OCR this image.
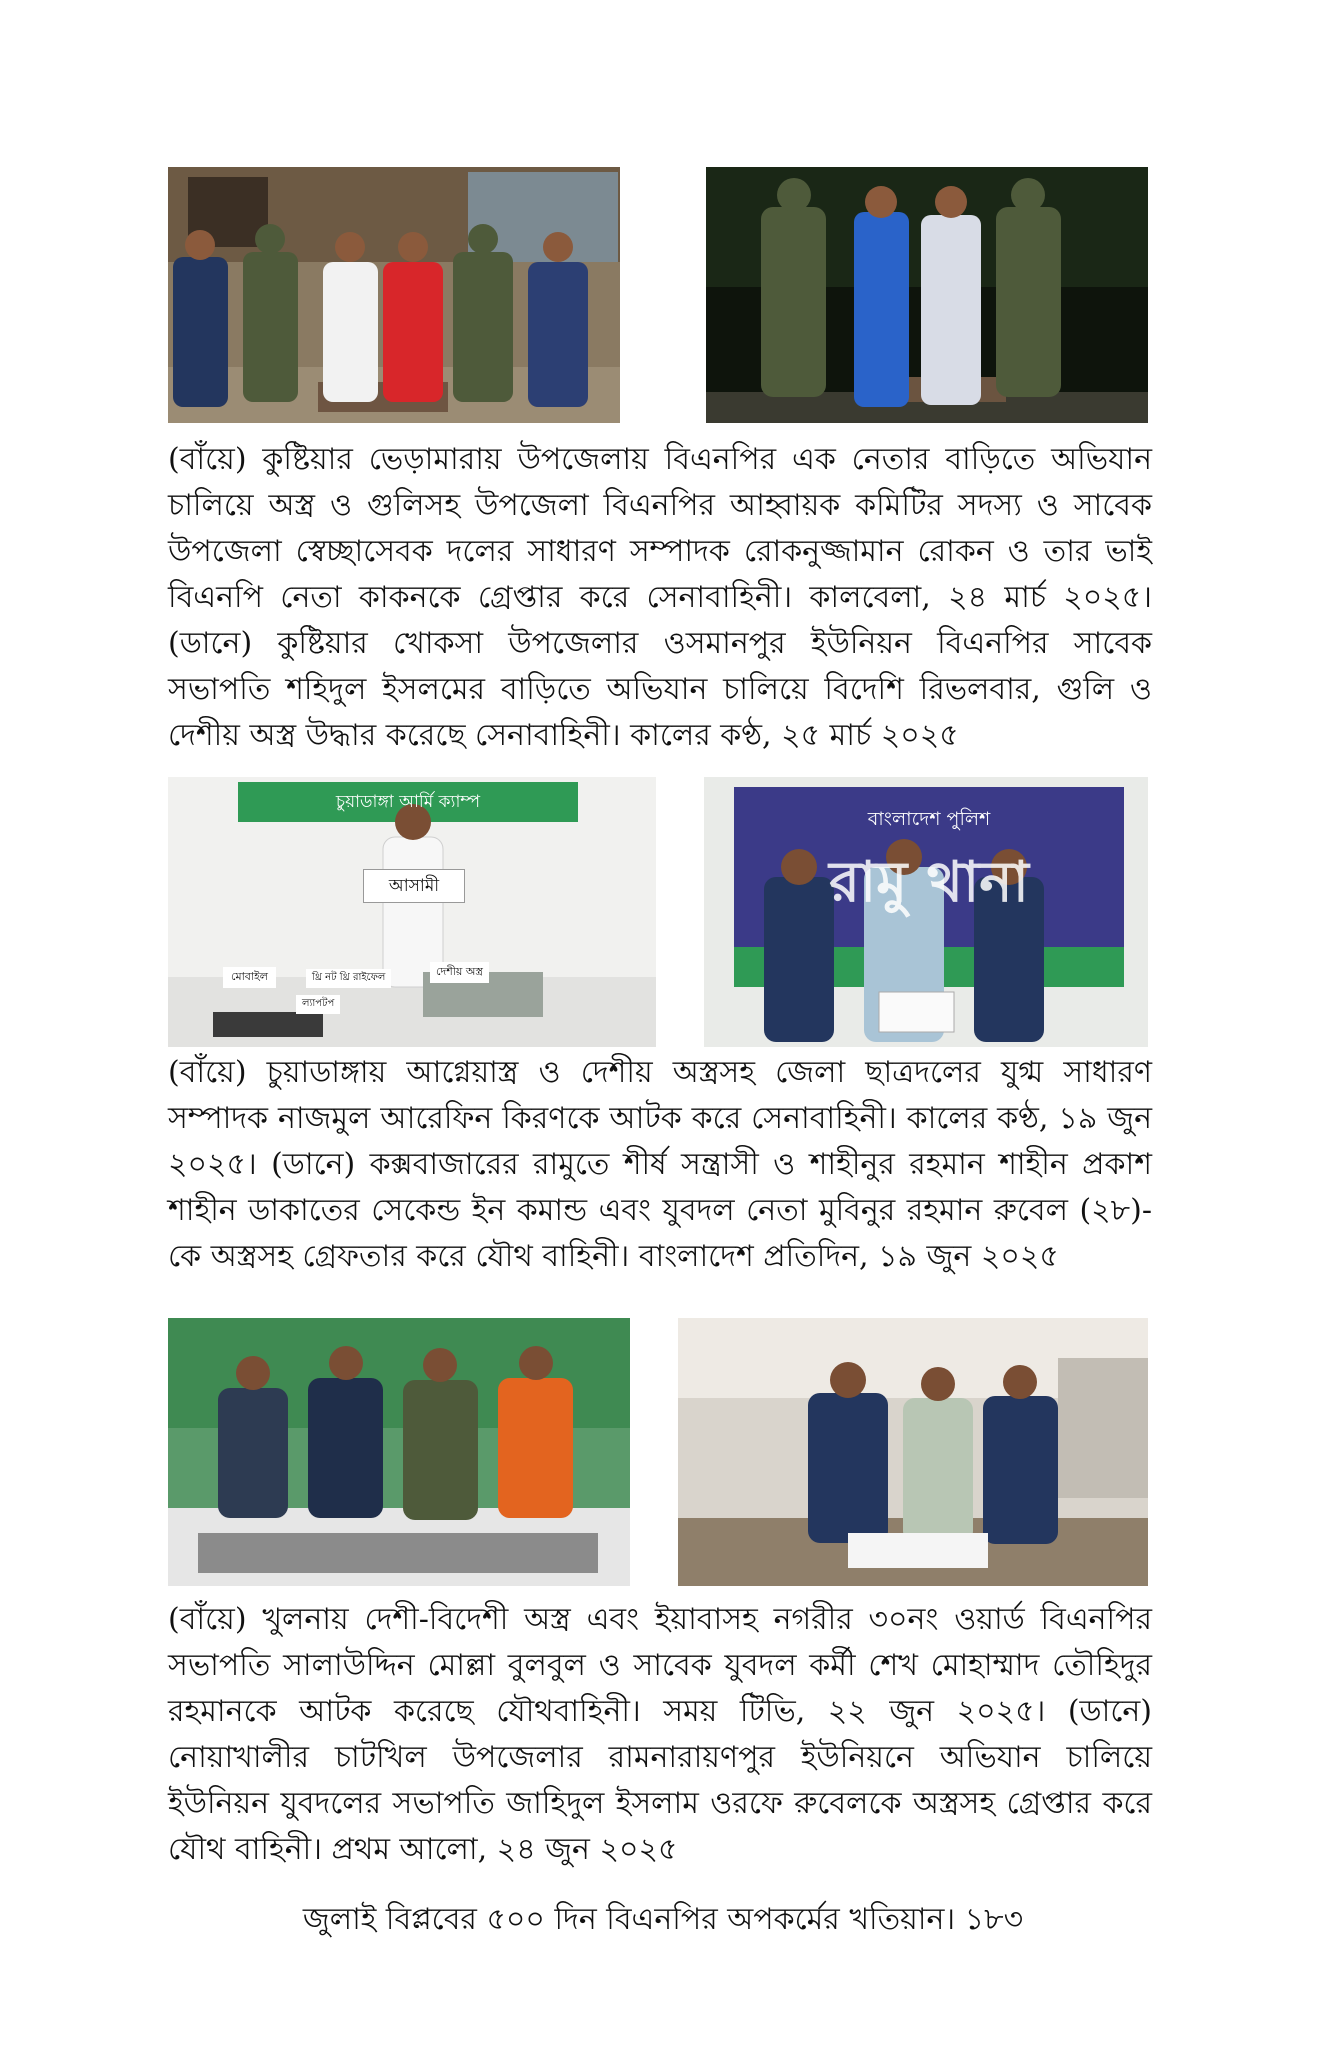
(বাঁয়ে) কুষ্টিয়ার ভেড়ামারায় উপজেলায় বিএনপির এক নেতার বাড়িতে অভিযান চালিয়ে অস্ত্র ও গুলিসহ উপজেলা বিএনপির আহ্বায়ক কমিটির সদস্য ও সাবেক উপজেলা স্বেচ্ছাসেবক দলের সাধারণ সম্পাদক রোকনুজ্জামান রোকন ও তার ভাই বিএনপি নেতা কাকনকে গ্রেপ্তার করে সেনাবাহিনী। কালবেলা, ২৪ মার্চ ২০২৫। (ডানে) কুষ্টিয়ার খোকসা উপজেলার ওসমানপুর ইউনিয়ন বিএনপির সাবেক সভাপতি শহিদুল ইসলমের বাড়িতে অভিযান চালিয়ে বিদেশি রিভলবার, গুলি ও দেশীয় অস্ত্র উদ্ধার করেছে সেনাবাহিনী। কালের কণ্ঠ, ২৫ মার্চ ২০২৫

চুয়াডাঙ্গা আর্মি ক্যাম্প
আসামী
মোবাইল	থ্রি নট থ্রি রাইফেল	দেশীয় অস্ত্র
ল্যাপটপ
বাংলাদেশ পুলিশ
রামু থানা

(বাঁয়ে) চুয়াডাঙ্গায় আগ্নেয়াস্ত্র ও দেশীয় অস্ত্রসহ জেলা ছাত্রদলের যুগ্ম সাধারণ সম্পাদক নাজমুল আরেফিন কিরণকে আটক করে সেনাবাহিনী। কালের কণ্ঠ, ১৯ জুন ২০২৫। (ডানে) কক্সবাজারের রামুতে শীর্ষ সন্ত্রাসী ও শাহীনুর রহমান শাহীন প্রকাশ শাহীন ডাকাতের সেকেন্ড ইন কমান্ড এবং যুবদল নেতা মুবিনুর রহমান রুবেল (২৮)-কে অস্ত্রসহ গ্রেফতার করে যৌথ বাহিনী। বাংলাদেশ প্রতিদিন, ১৯ জুন ২০২৫

(বাঁয়ে) খুলনায় দেশী-বিদেশী অস্ত্র এবং ইয়াবাসহ নগরীর ৩০নং ওয়ার্ড বিএনপির সভাপতি সালাউদ্দিন মোল্লা বুলবুল ও সাবেক যুবদল কর্মী শেখ মোহাম্মাদ তৌহিদুর রহমানকে আটক করেছে যৌথবাহিনী। সময় টিভি, ২২ জুন ২০২৫। (ডানে) নোয়াখালীর চাটখিল উপজেলার রামনারায়ণপুর ইউনিয়নে অভিযান চালিয়ে ইউনিয়ন যুবদলের সভাপতি জাহিদুল ইসলাম ওরফে রুবেলকে অস্ত্রসহ গ্রেপ্তার করে যৌথ বাহিনী। প্রথম আলো, ২৪ জুন ২০২৫

জুলাই বিপ্লবের ৫০০ দিন বিএনপির অপকর্মের খতিয়ান। ১৮৩
